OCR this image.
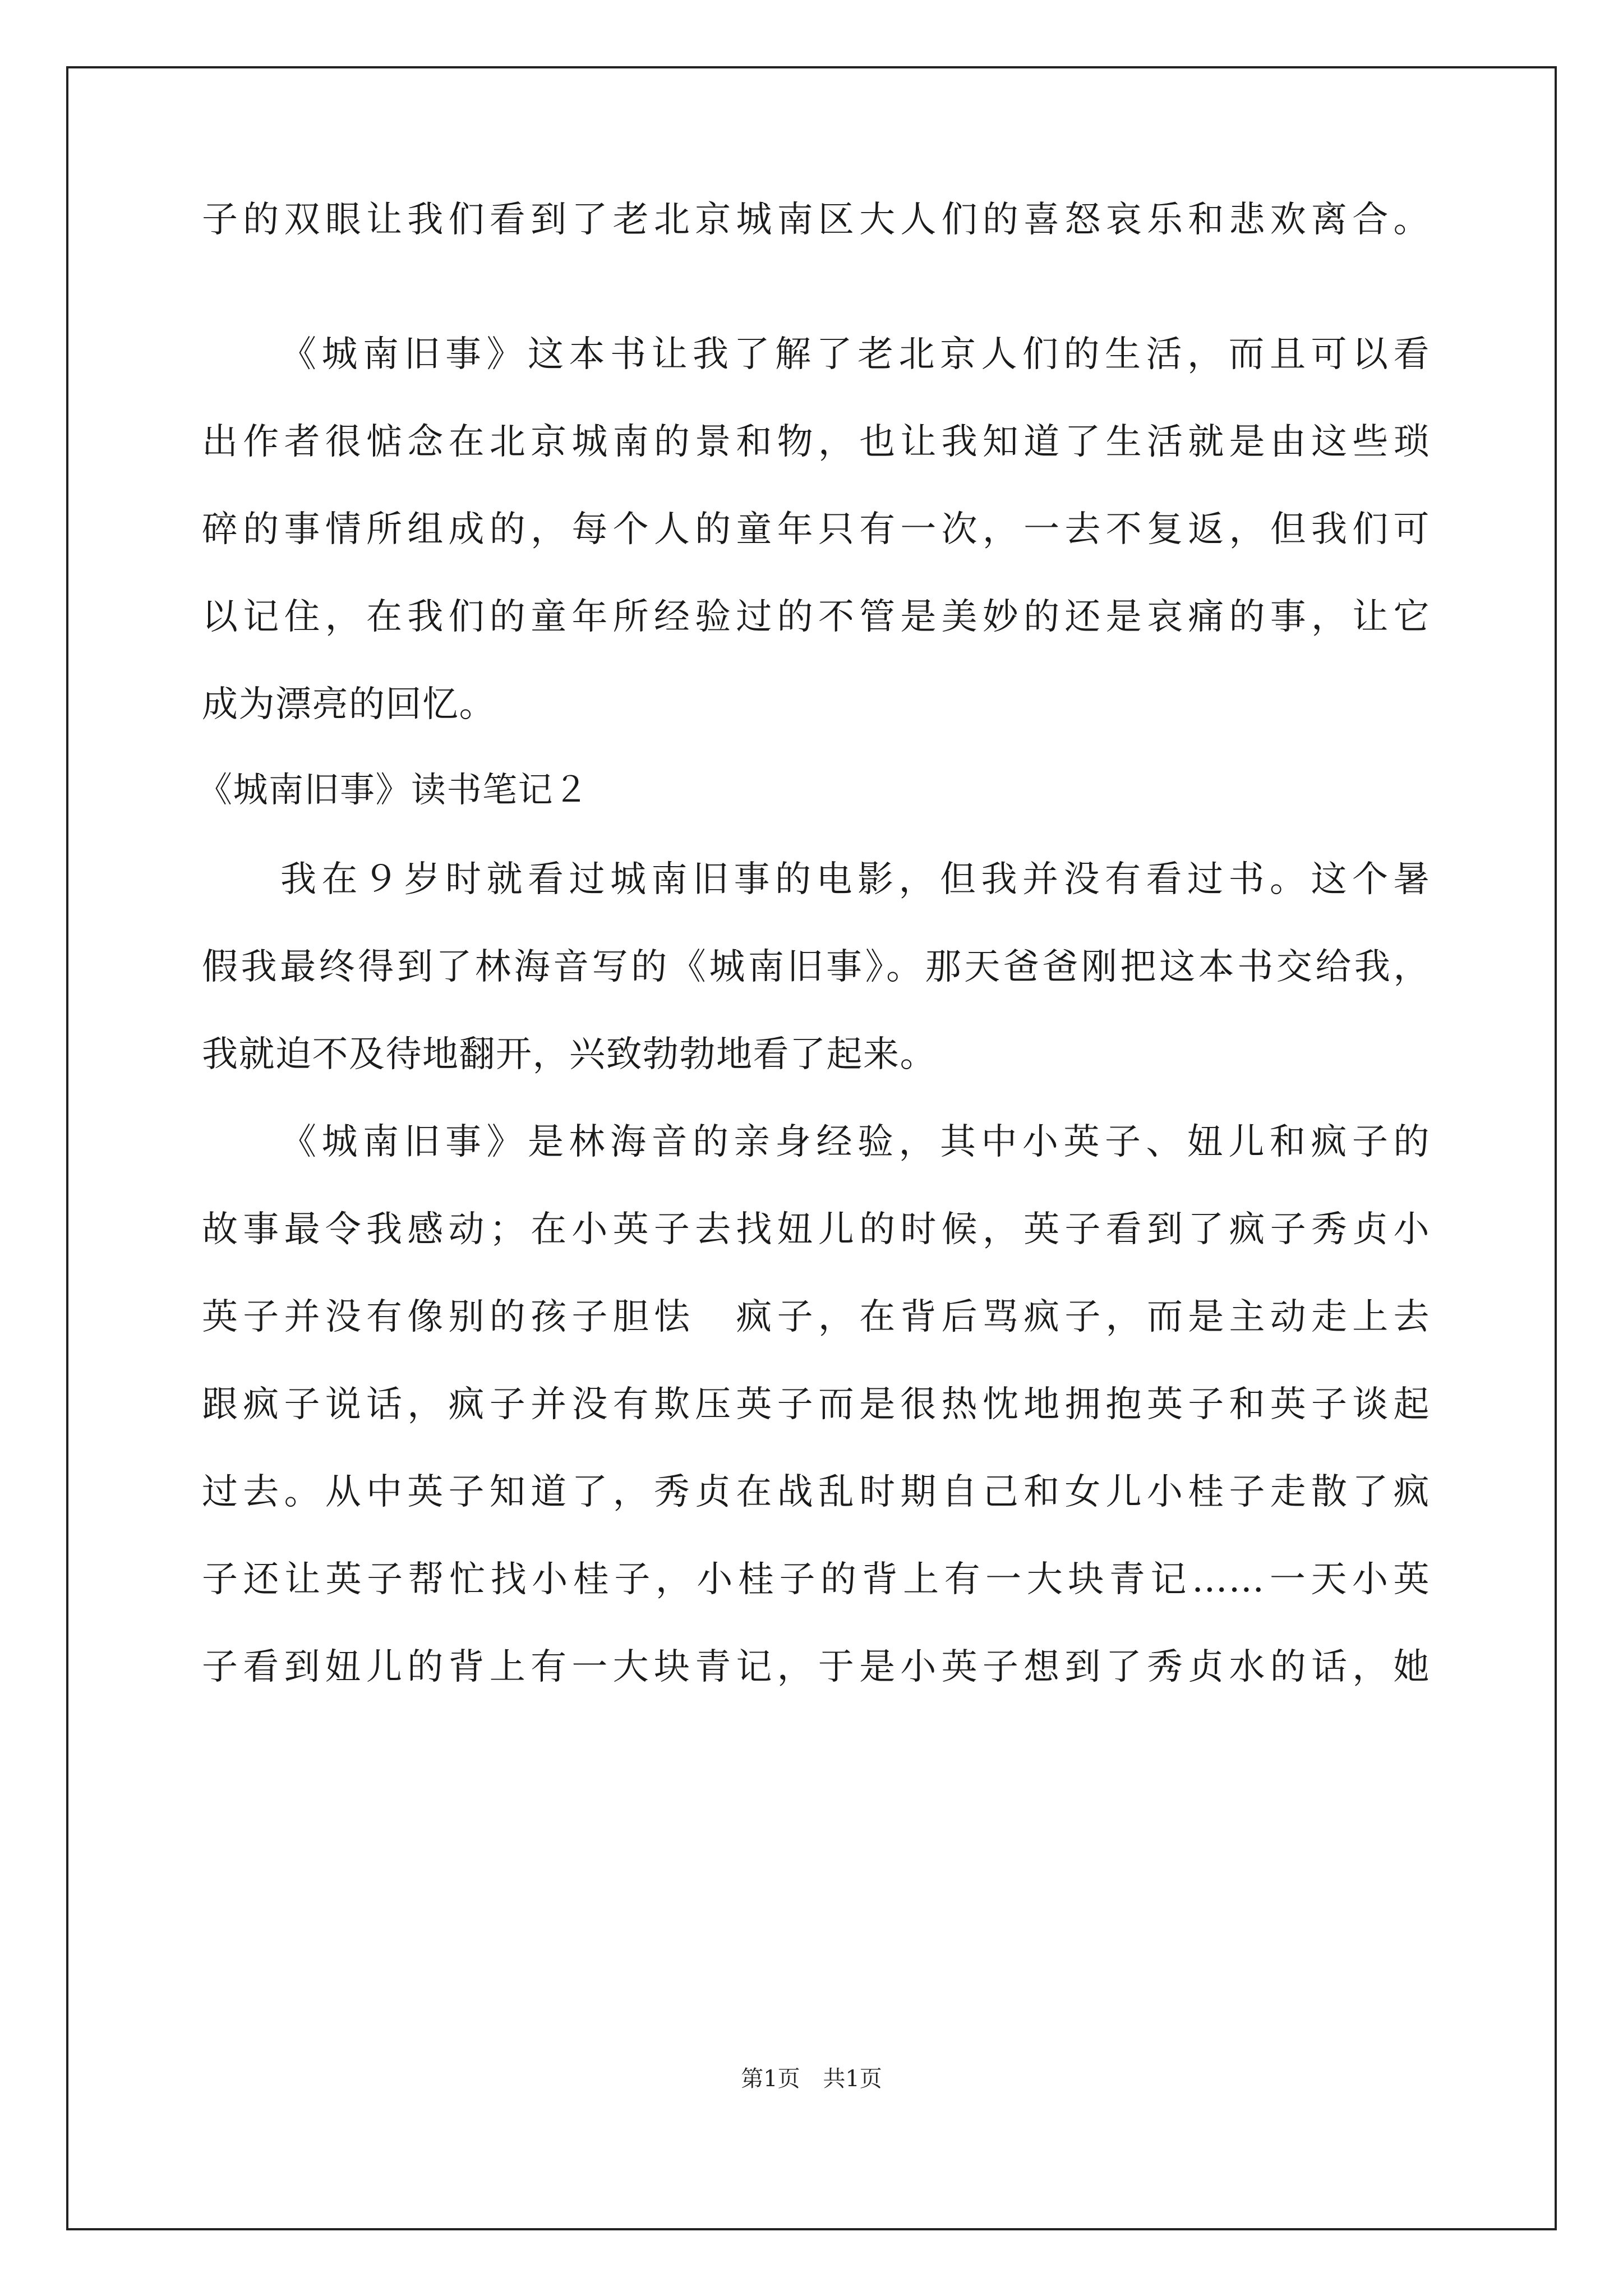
子的双眼让我们看到了老北京城南区大人们的喜怒哀乐和悲欢离合。
《城南旧事》这本书让我了解了老北京人们的生活，而且可以看
出作者很惦念在北京城南的景和物，也让我知道了生活就是由这些琐
碎的事情所组成的，每个人的童年只有一次，一去不复返，但我们可
以记住，在我们的童年所经验过的不管是美妙的还是哀痛的事，让它
成为漂亮的回忆。
《城南旧事》读书笔记２
我在９岁时就看过城南旧事的电影，但我并没有看过书。这个暑
假我最终得到了林海音写的《城南旧事》。那天爸爸刚把这本书交给我，
我就迫不及待地翻开，兴致勃勃地看了起来。
《城南旧事》是林海音的亲身经验，其中小英子、妞儿和疯子的
故事最令我感动；在小英子去找妞儿的时候，英子看到了疯子秀贞小
英子并没有像别的孩子胆怯　疯子，在背后骂疯子，而是主动走上去
跟疯子说话，疯子并没有欺压英子而是很热忱地拥抱英子和英子谈起
过去。从中英子知道了，秀贞在战乱时期自己和女儿小桂子走散了疯
子还让英子帮忙找小桂子，小桂子的背上有一大块青记……一天小英
子看到妞儿的背上有一大块青记，于是小英子想到了秀贞水的话，她
第1页 共1页
